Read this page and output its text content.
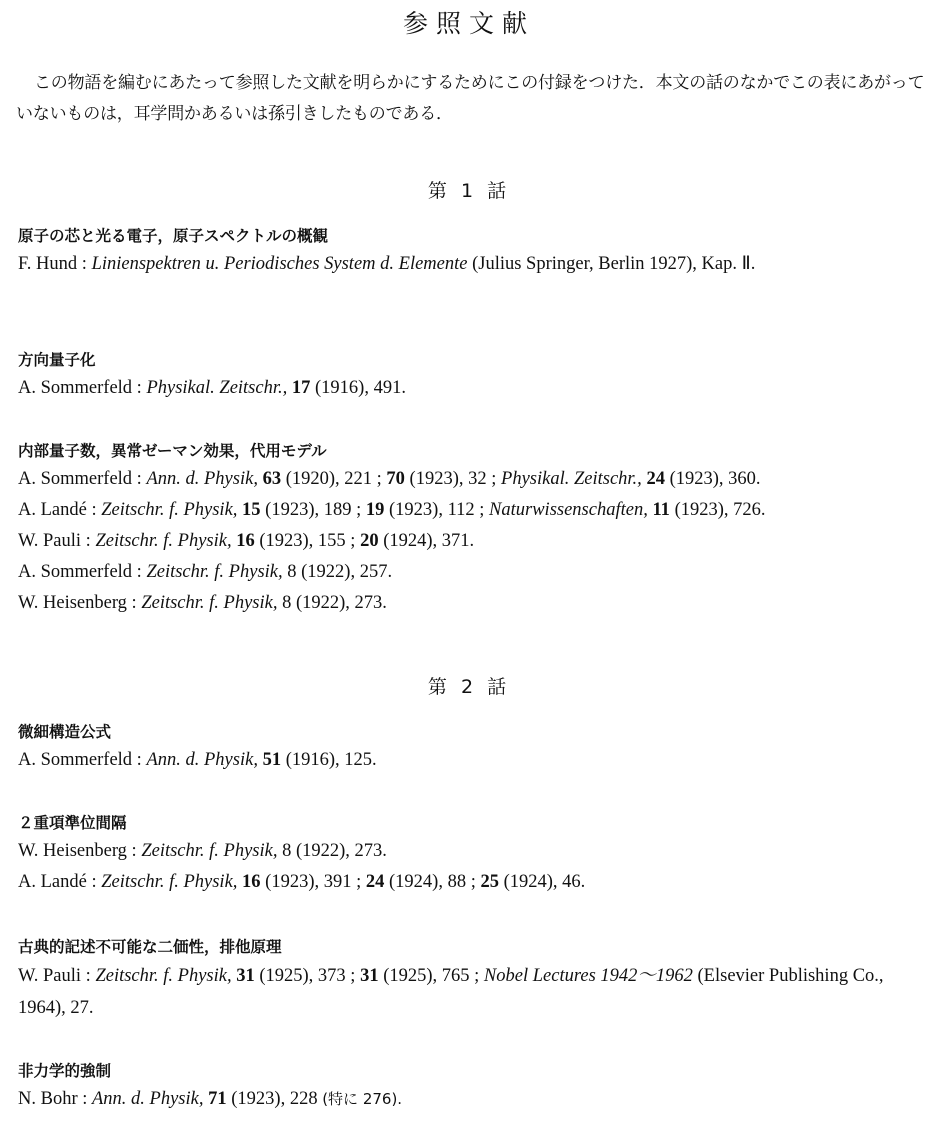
参照文献

この物語を編むにあたって参照した文献を明らかにするためにこの付録をつけた．本文の話のなかでこの表にあがっていないものは，耳学問かあるいは孫引きしたものである．

第 1 話

原子の芯と光る電子，原子スペクトルの概観

F. Hund : Linienspektren u. Periodisches System d. Elemente (Julius Springer, Berlin 1927), Kap. Ⅱ.

方向量子化

A. Sommerfeld : Physikal. Zeitschr., 17 (1916), 491.

内部量子数，異常ゼーマン効果，代用モデル

A. Sommerfeld : Ann. d. Physik, 63 (1920), 221 ; 70 (1923), 32 ; Physikal. Zeitschr., 24 (1923), 360.

A. Landé : Zeitschr. f. Physik, 15 (1923), 189 ; 19 (1923), 112 ; Naturwissenschaften, 11 (1923), 726.

W. Pauli : Zeitschr. f. Physik, 16 (1923), 155 ; 20 (1924), 371.

A. Sommerfeld : Zeitschr. f. Physik, 8 (1922), 257.

W. Heisenberg : Zeitschr. f. Physik, 8 (1922), 273.

第 2 話

微細構造公式

A. Sommerfeld : Ann. d. Physik, 51 (1916), 125.

２重項準位間隔

W. Heisenberg : Zeitschr. f. Physik, 8 (1922), 273.

A. Landé : Zeitschr. f. Physik, 16 (1923), 391 ; 24 (1924), 88 ; 25 (1924), 46.

古典的記述不可能な二価性，排他原理

W. Pauli : Zeitschr. f. Physik, 31 (1925), 373 ; 31 (1925), 765 ; Nobel Lectures 1942～1962 (Elsevier Publishing Co., 1964), 27.

非力学的強制

N. Bohr : Ann. d. Physik, 71 (1923), 228 (特に 276).
